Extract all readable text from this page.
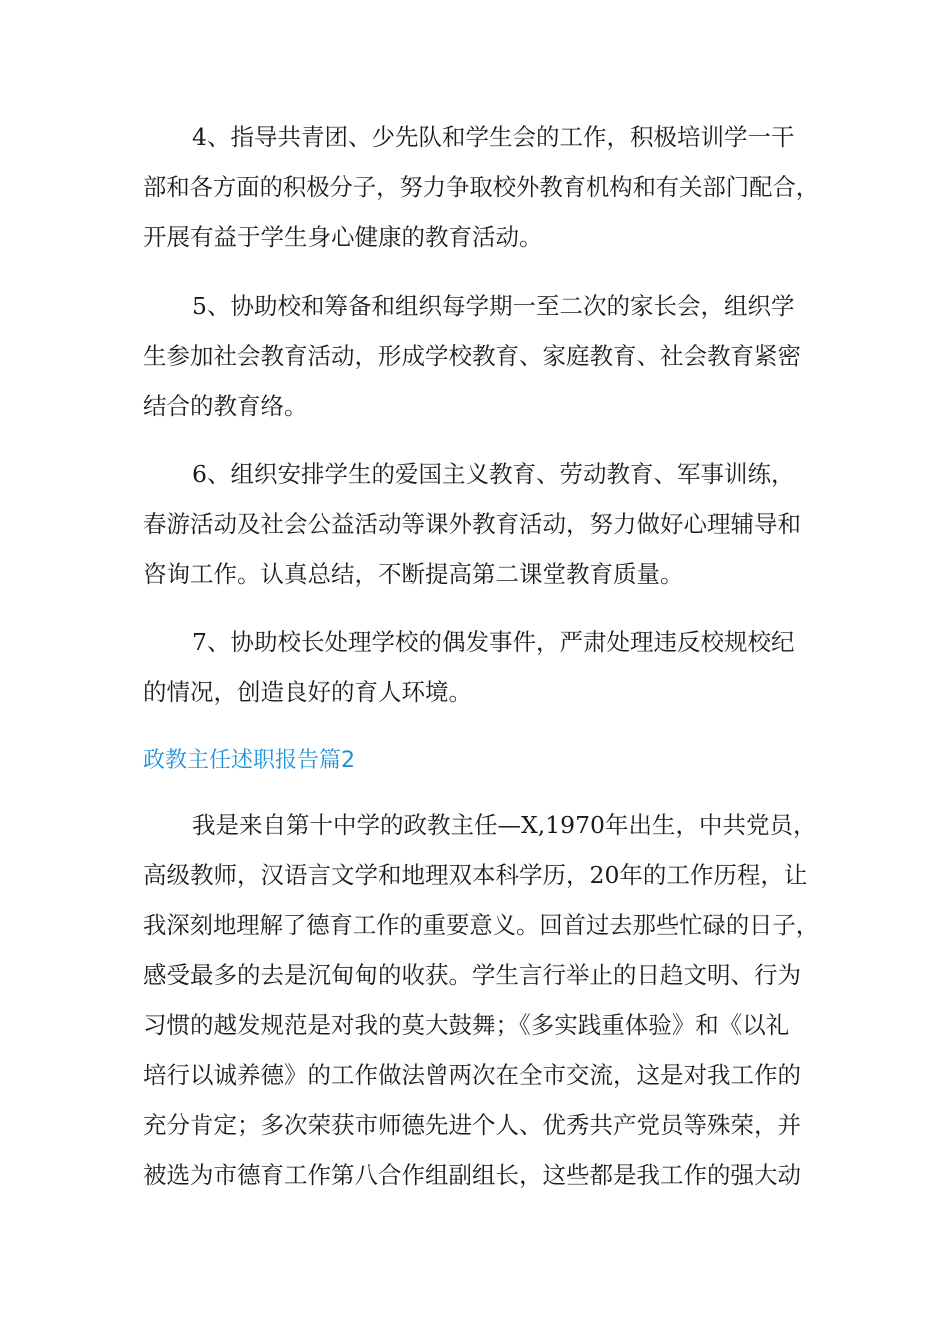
4、指导共青团、少先队和学生会的工作，积极培训学一干
部和各方面的积极分子，努力争取校外教育机构和有关部门配合，
开展有益于学生身心健康的教育活动。
5、协助校和筹备和组织每学期一至二次的家长会，组织学
生参加社会教育活动，形成学校教育、家庭教育、社会教育紧密
结合的教育络。
6、组织安排学生的爱国主义教育、劳动教育、军事训练，
春游活动及社会公益活动等课外教育活动，努力做好心理辅导和
咨询工作。认真总结，不断提高第二课堂教育质量。
7、协助校长处理学校的偶发事件，严肃处理违反校规校纪
的情况，创造良好的育人环境。
政教主任述职报告篇2
我是来自第十中学的政教主任—X,1970年出生，中共党员，
高级教师，汉语言文学和地理双本科学历，20年的工作历程，让
我深刻地理解了德育工作的重要意义。回首过去那些忙碌的日子，
感受最多的去是沉甸甸的收获。学生言行举止的日趋文明、行为
习惯的越发规范是对我的莫大鼓舞；《多实践重体验》和《以礼
培行以诚养德》的工作做法曾两次在全市交流，这是对我工作的
充分肯定；多次荣获市师德先进个人、优秀共产党员等殊荣，并
被选为市德育工作第八合作组副组长，这些都是我工作的强大动
